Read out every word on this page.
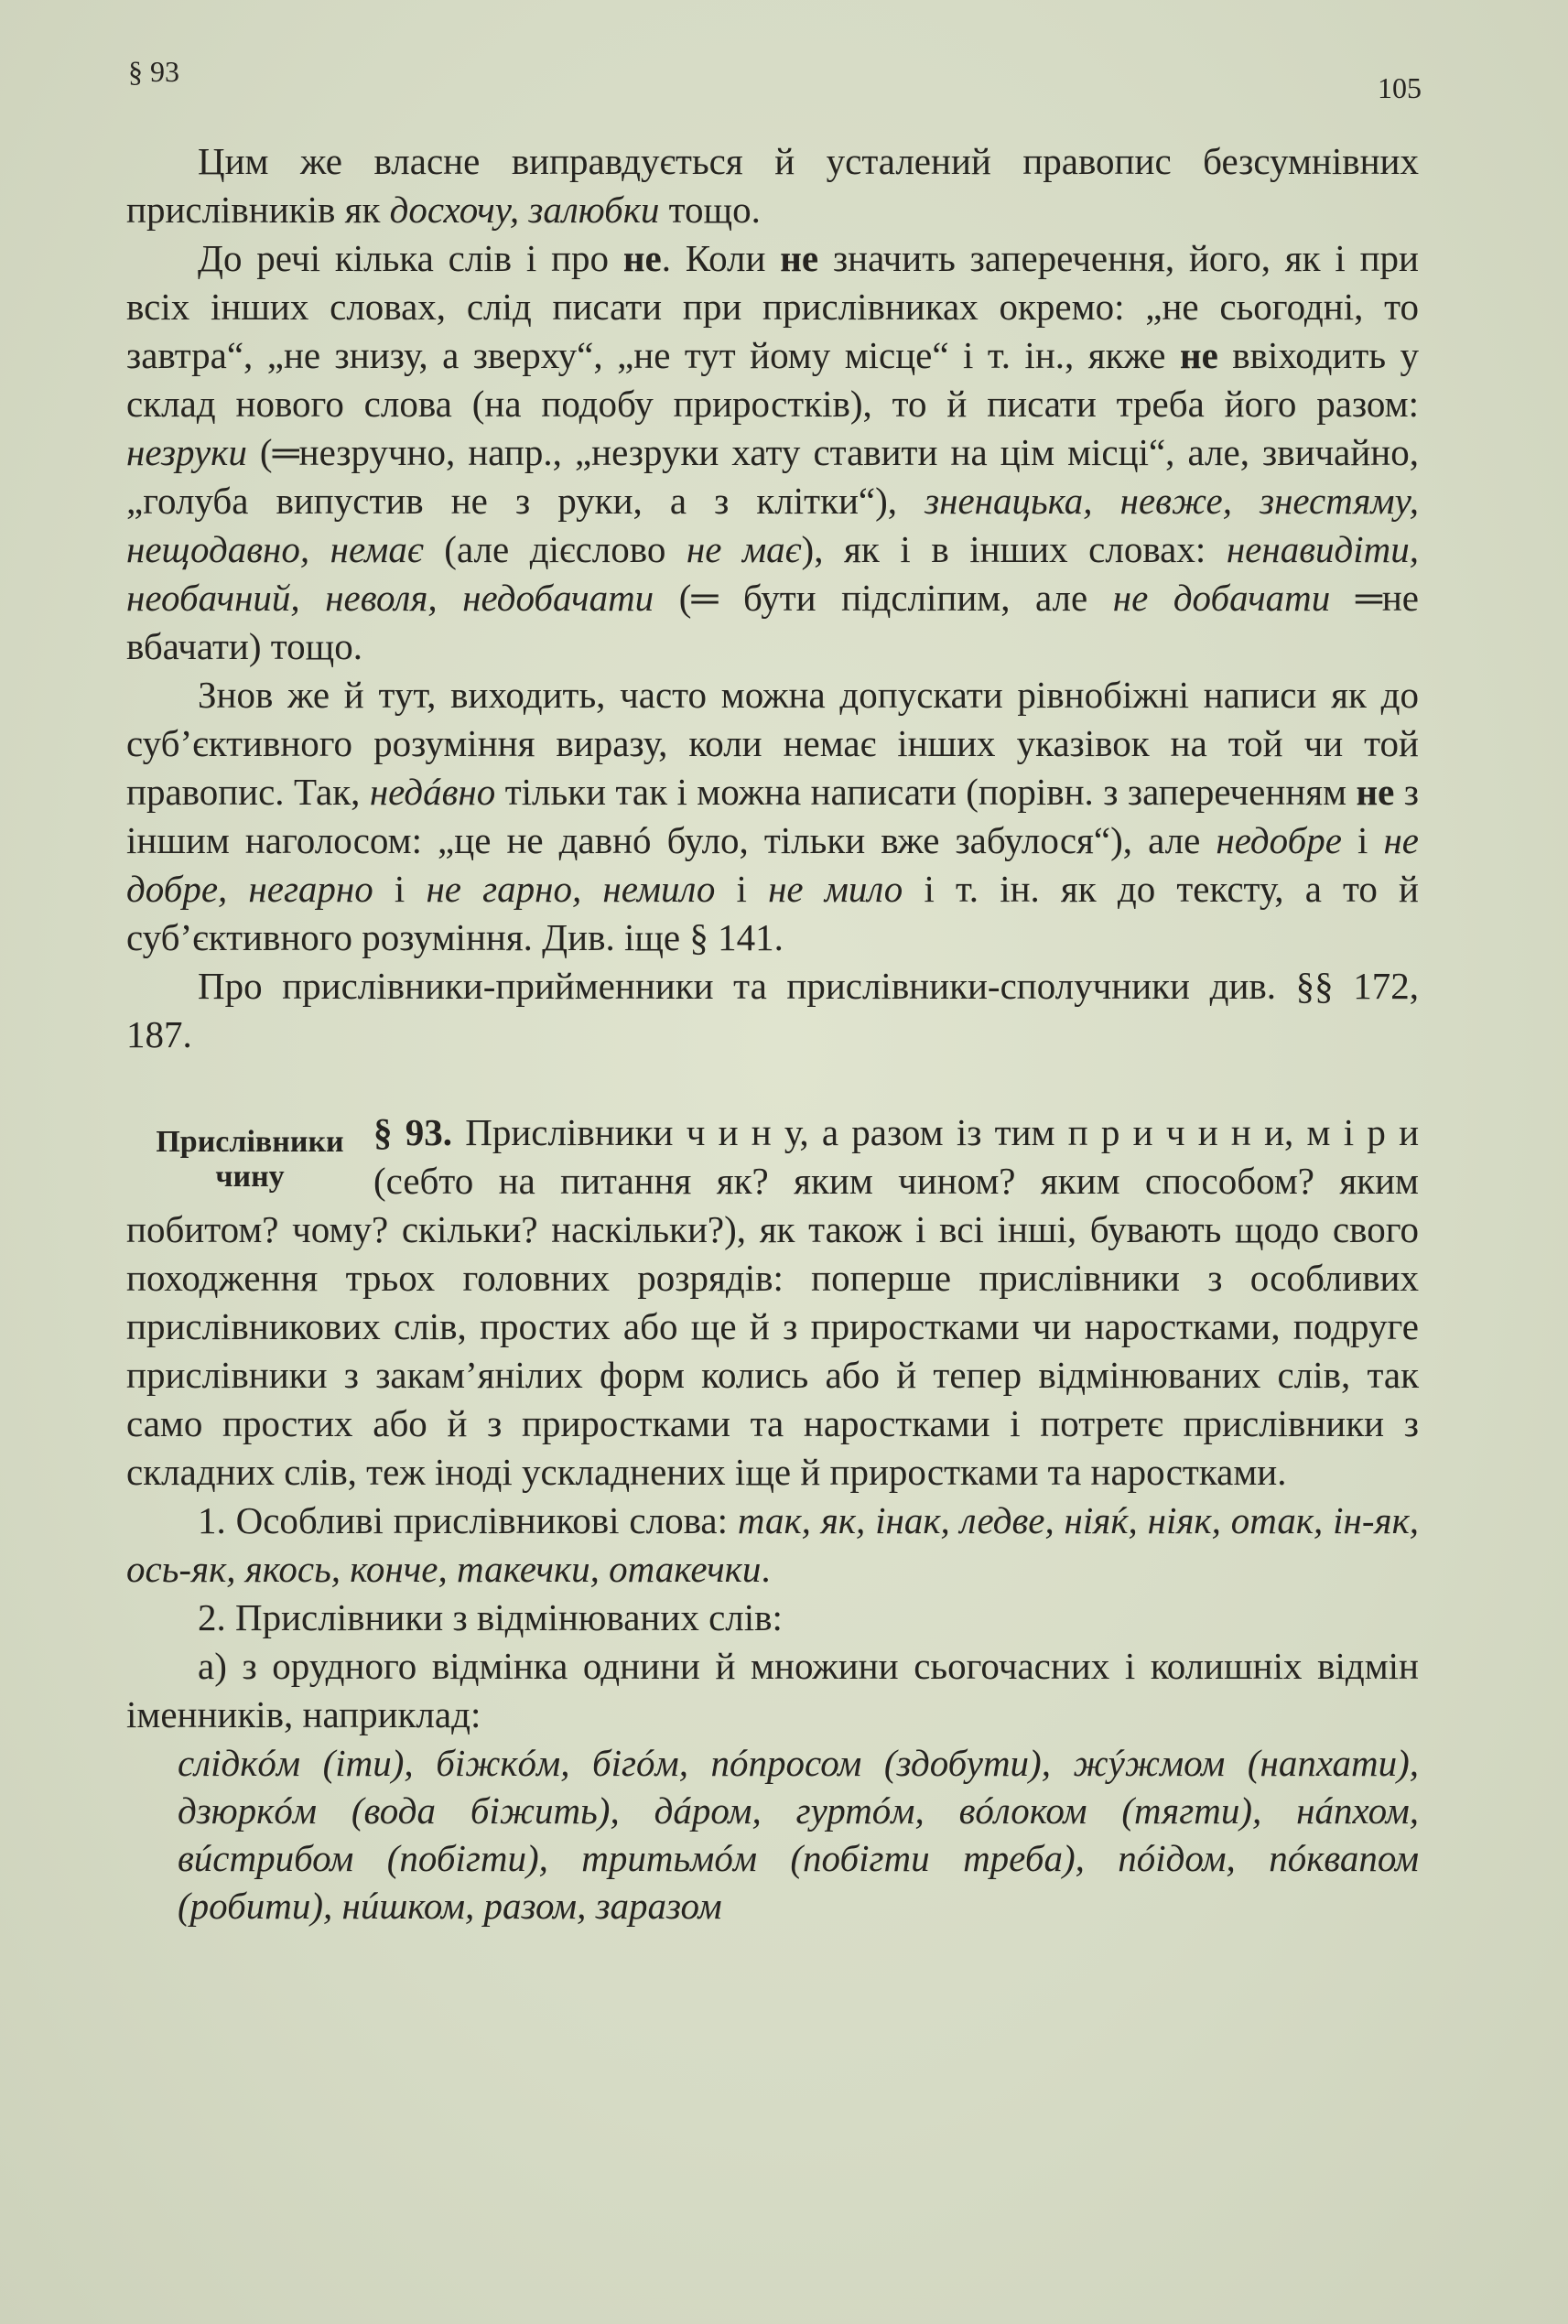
§ 93	105

Цим же власне виправдується й усталений правопис безсумнівних прислівників як досхочу, залюбки тощо.

До речі кілька слів і про не. Коли не значить заперечення, його, як і при всіх інших словах, слід писати при прислівниках окремо: „не сьогодні, то завтра“, „не знизу, а зверху“, „не тут йому місце“ і т. ін., якже не ввіходить у склад нового слова (на подобу приростків), то й писати треба його разом: незруки (═незручно, напр., „незруки хату ставити на цім місці“, але, звичайно, „голуба випустив не з руки, а з клітки“), зненацька, невже, знестяму, нещодавно, немає (але дієслово не має), як і в інших словах: ненавидіти, необачний, неволя, недобачати (═ бути підсліпим, але не добачати ═не вбачати) тощо.

Знов же й тут, виходить, часто можна допускати рівнобіжні написи як до суб’єктивного розуміння виразу, коли немає інших указівок на той чи той правопис. Так, недáвно тільки так і можна написати (порівн. з запереченням не з іншим наголосом: „це не давнó було, тільки вже забулося“), але недобре і не добре, негарно і не гарно, немило і не мило і т. ін. як до тексту, а то й суб’єктивного розуміння. Див. іще § 141.

Про прислівники-прийменники та прислівники-сполучники див. §§ 172, 187.

Прислівники
чину

§ 93. Прислівники ч и н у, а разом із тим п р и ч и н и, м і р и (себто на питання як? яким чином? яким способом? яким побитом? чому? скільки? наскільки?), як також і всі інші, бувають щодо свого походження трьох головних розрядів: поперше прислівники з особливих прислівникових слів, простих або ще й з приростками чи наростками, подруге прислівники з закам’янілих форм колись або й тепер відмінюваних слів, так само простих або й з приростками та наростками і потретє прислівники з складних слів, теж іноді ускладнених іще й приростками та наростками.

1. Особливі прислівникові слова: так, як, інак, ледве, ніяќ, ніяк, отак, ін-як, ось-як, якось, конче, такечки, отакечки.

2. Прислівники з відмінюваних слів:

а) з орудного відмінка однини й множини сьогочасних і колишніх відмін іменників, наприклад:

слідкóм (іти), біжкóм, бігóм, пóпросом (здобути), жýжмом (напхати), дзюркóм (вода біжить), дáром, гуртóм, вóлоком (тягти), нáпхом, вúстрибом (побігти), тритьмóм (побігти треба), пóідом, пóквапом (робити), нúшком, разом, заразом
